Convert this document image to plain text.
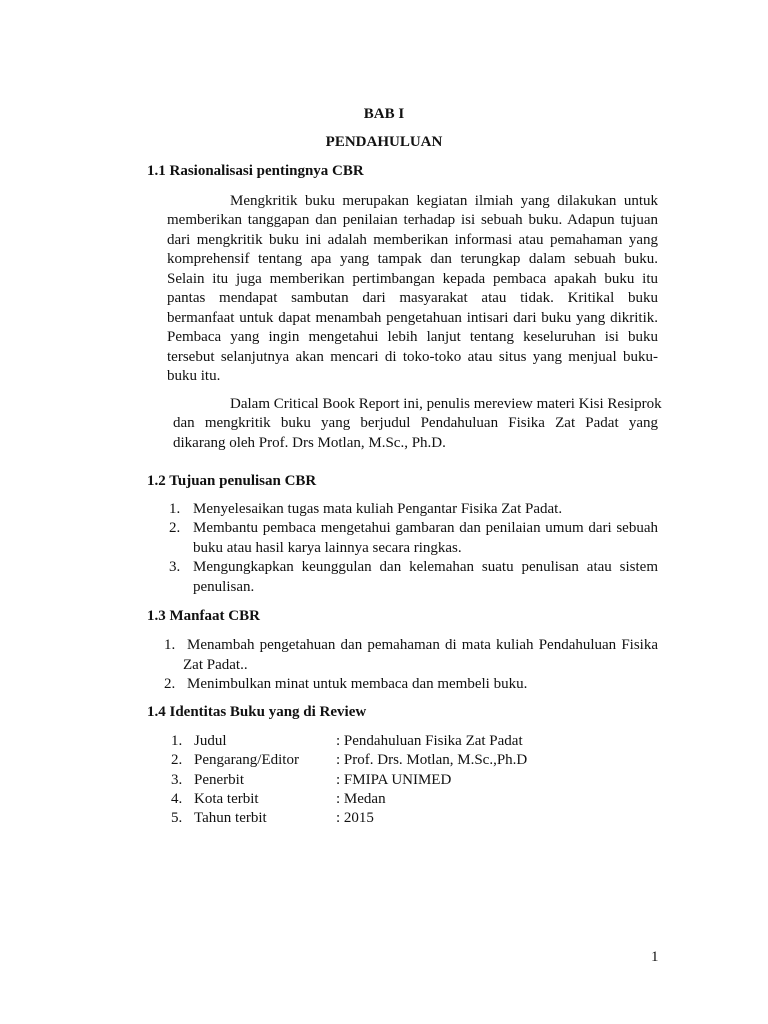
BAB I
PENDAHULUAN
1.1 Rasionalisasi pentingnya CBR
Mengkritik buku merupakan kegiatan ilmiah yang dilakukan untuk
memberikan tanggapan dan penilaian terhadap isi sebuah buku. Adapun tujuan
dari mengkritik buku ini adalah memberikan informasi atau pemahaman yang
komprehensif tentang apa yang tampak dan terungkap dalam sebuah buku.
Selain itu juga memberikan pertimbangan kepada pembaca apakah buku itu
pantas mendapat sambutan dari masyarakat atau tidak. Kritikal buku
bermanfaat untuk dapat menambah pengetahuan intisari dari buku yang dikritik.
Pembaca yang ingin mengetahui lebih lanjut tentang keseluruhan isi buku
tersebut selanjutnya akan mencari di toko-toko atau situs yang menjual buku-
buku itu.
Dalam Critical Book Report ini, penulis mereview materi Kisi Resiprok
dan mengkritik buku yang berjudul Pendahuluan Fisika Zat Padat yang
dikarang oleh Prof. Drs Motlan, M.Sc., Ph.D.
1.2 Tujuan penulisan CBR
1. Menyelesaikan tugas mata kuliah Pengantar Fisika Zat Padat.
2. Membantu pembaca mengetahui gambaran dan penilaian umum dari sebuah
buku atau hasil karya lainnya secara ringkas.
3. Mengungkapkan keunggulan dan kelemahan suatu penulisan atau sistem
penulisan.
1.3 Manfaat CBR
1. Menambah pengetahuan dan pemahaman di mata kuliah Pendahuluan Fisika
Zat Padat..
2. Menimbulkan minat untuk membaca dan membeli buku.
1.4 Identitas Buku yang di Review
1. Judul	: Pendahuluan Fisika Zat Padat
2. Pengarang/Editor : Prof. Drs. Motlan, M.Sc.,Ph.D
3. Penerbit	: FMIPA UNIMED
4. Kota terbit	: Medan
5. Tahun terbit	: 2015
1
